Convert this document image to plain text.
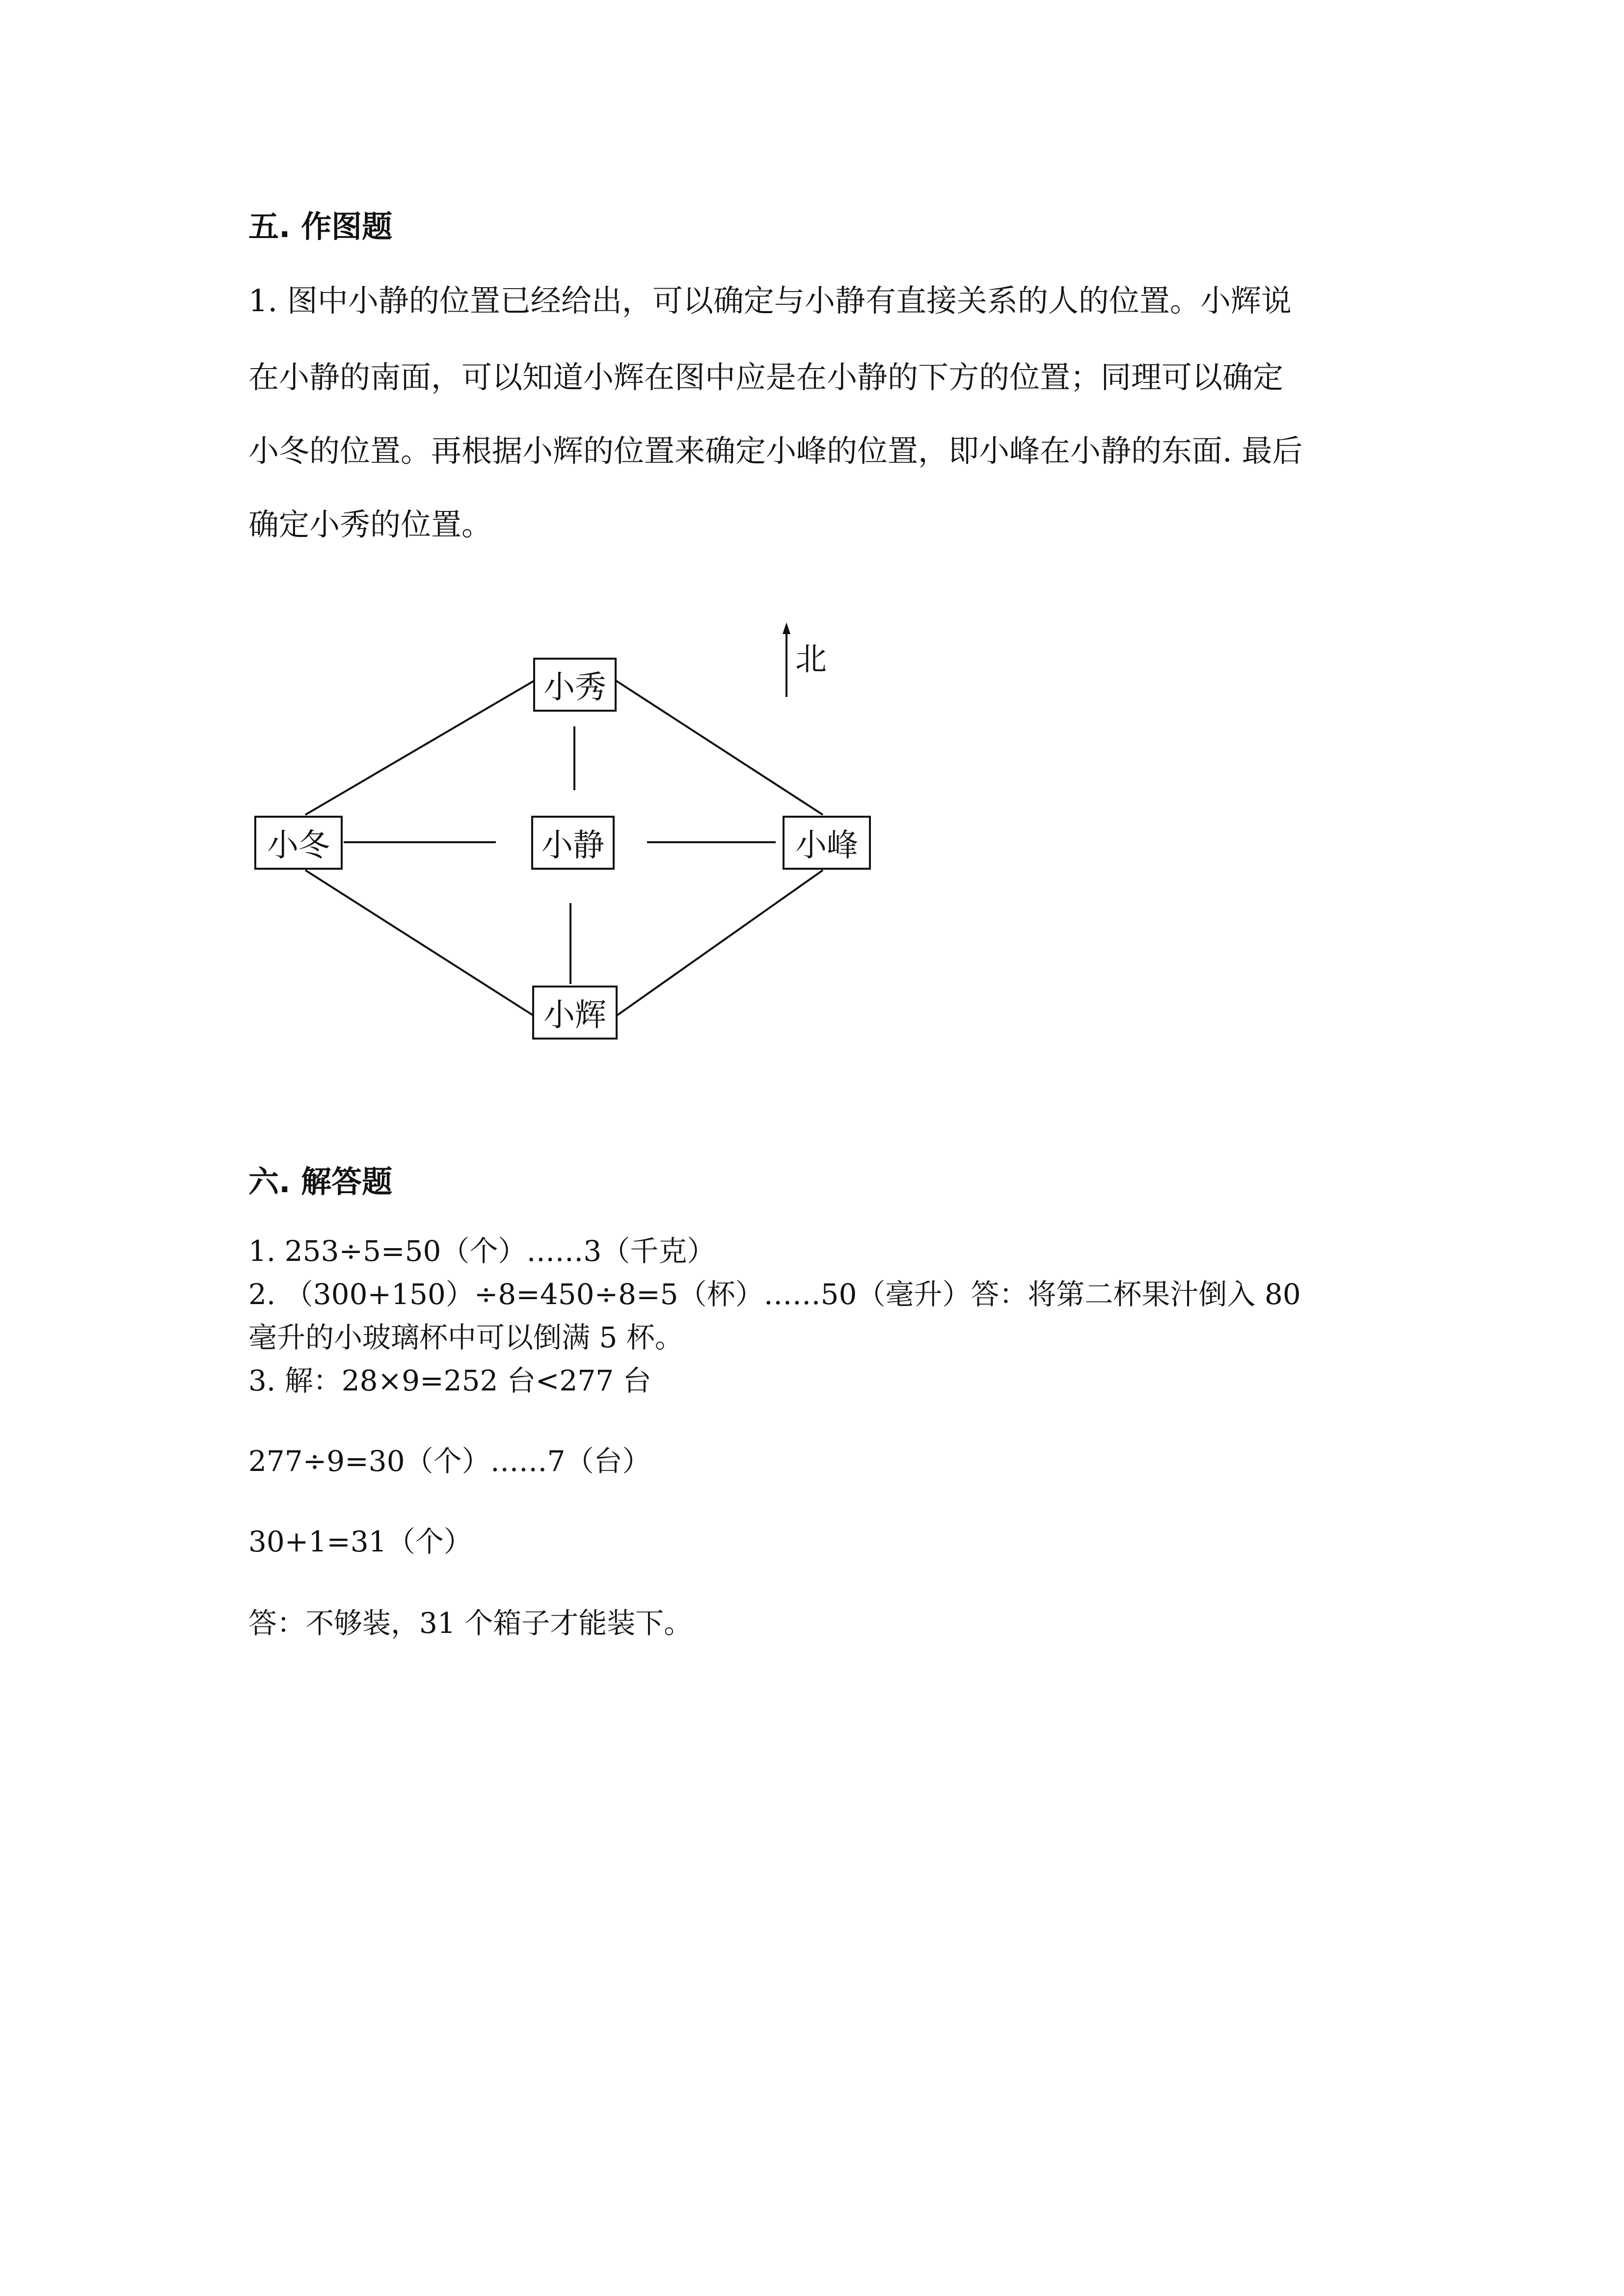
五. 作图题
1. 图中小静的位置已经给出，可以确定与小静有直接关系的人的位置。小辉说
在小静的南面，可以知道小辉在图中应是在小静的下方的位置；同理可以确定
小冬的位置。再根据小辉的位置来确定小峰的位置，即小峰在小静的东面. 最后
确定小秀的位置。
北
小秀
小静
小冬	小峰
小辉
六. 解答题
1. 253÷5=50（个）……3（千克）
2. （300+150）÷8=450÷8=5（杯）……50（毫升）答：将第二杯果汁倒入 80
毫升的小玻璃杯中可以倒满 5 杯。
3. 解：28×9=252 台<277 台
277÷9=30（个）……7（台）
30+1=31（个）
答：不够装，31 个箱子才能装下。
